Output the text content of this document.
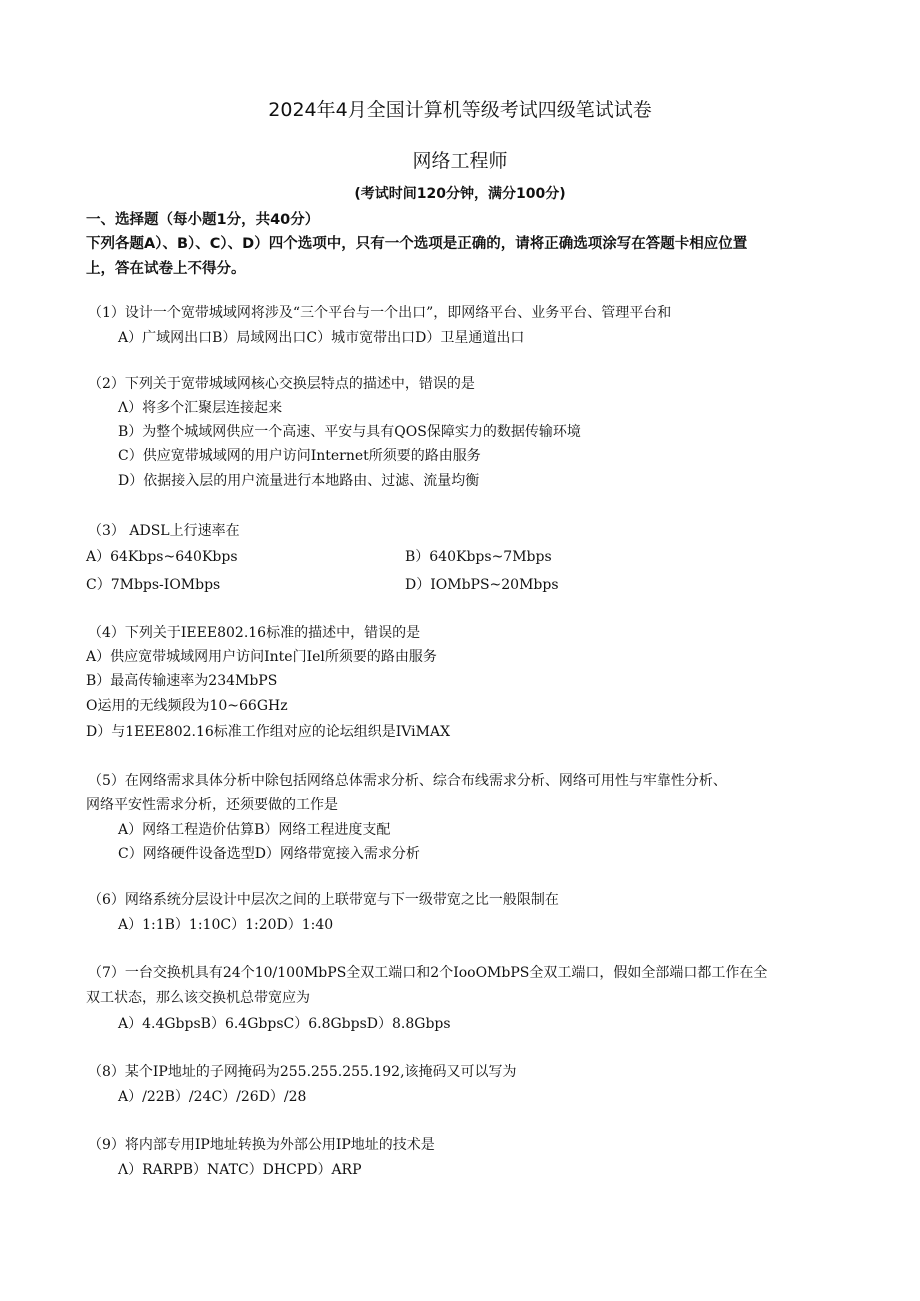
2024年4月全国计算机等级考试四级笔试试卷
网络工程师
(考试时间120分钟，满分100分)
一、选择题（每小题1分，共40分）
下列各题A）、B）、C）、D）四个选项中，只有一个选项是正确的，请将正确选项涂写在答题卡相应位置
上，答在试卷上不得分。
（1）设计一个宽带城域网将涉及“三个平台与一个出口”，即网络平台、业务平台、管理平台和
A）广域网出口B）局域网出口C）城市宽带出口D）卫星通道出口
（2）下列关于宽带城域网核心交换层特点的描述中，错误的是
Λ）将多个汇聚层连接起来
B）为整个城域网供应一个高速、平安与具有QOS保障实力的数据传输环境
C）供应宽带城域网的用户访问Internet所须要的路由服务
D）依据接入层的用户流量进行本地路由、过滤、流量均衡
（3） ADSL上行速率在
A）64Kbps~640Kbps	B）640Kbps~7Mbps
C）7Mbps-IOMbps	D）IOMbPS~20Mbps
（4）下列关于IEEE802.16标准的描述中，错误的是
A）供应宽带城域网用户访问Inte门Iel所须要的路由服务
B）最高传输速率为234MbPS
O运用的无线频段为10~66GHz
D）与1EEE802.16标准工作组对应的论坛组织是IViMAX
（5）在网络需求具体分析中除包括网络总体需求分析、综合布线需求分析、网络可用性与牢靠性分析、
网络平安性需求分析，还须要做的工作是
A）网络工程造价估算B）网络工程进度支配
C）网络硬件设备选型D）网络带宽接入需求分析
（6）网络系统分层设计中层次之间的上联带宽与下一级带宽之比一般限制在
A）1:1B）1:10C）1:20D）1:40
（7）一台交换机具有24个10/100MbPS全双工端口和2个IooOMbPS全双工端口，假如全部端口都工作在全
双工状态，那么该交换机总带宽应为
A）4.4GbpsB）6.4GbpsC）6.8GbpsD）8.8Gbps
（8）某个IP地址的子网掩码为255.255.255.192,该掩码又可以写为
A）/22B）/24C）/26D）/28
（9）将内部专用IP地址转换为外部公用IP地址的技术是
Λ）RARPB）NATC）DHCPD）ARP
